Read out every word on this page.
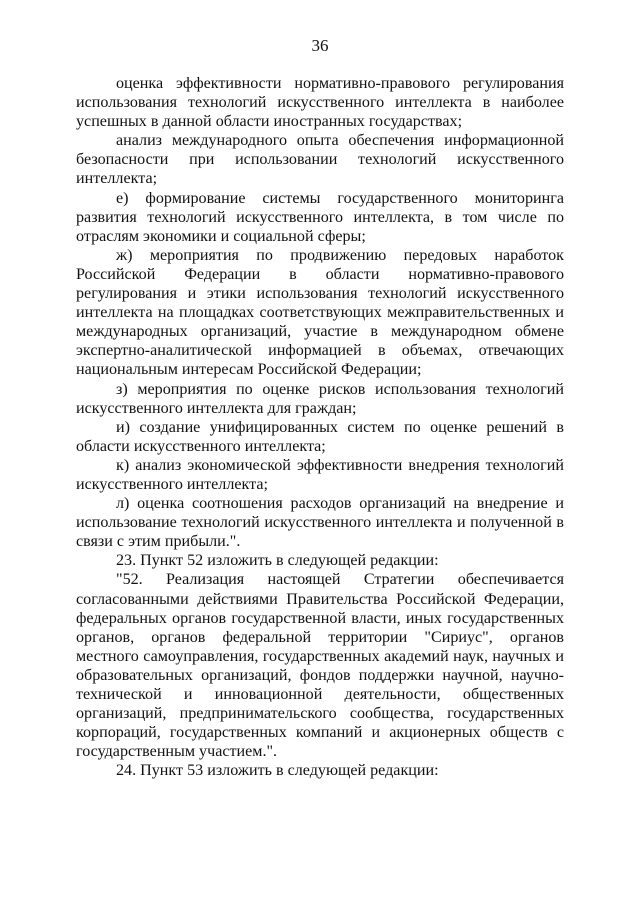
36

оценка эффективности нормативно-правового регулирования использования технологий искусственного интеллекта в наиболее успешных в данной области иностранных государствах;

анализ международного опыта обеспечения информационной безопасности при использовании технологий искусственного интеллекта;

е) формирование системы государственного мониторинга развития технологий искусственного интеллекта, в том числе по отраслям экономики и социальной сферы;

ж) мероприятия по продвижению передовых наработок Российской Федерации в области нормативно-правового регулирования и этики использования технологий искусственного интеллекта на площадках соответствующих межправительственных и международных организаций, участие в международном обмене экспертно-аналитической информацией в объемах, отвечающих национальным интересам Российской Федерации;

з) мероприятия по оценке рисков использования технологий искусственного интеллекта для граждан;

и) создание унифицированных систем по оценке решений в области искусственного интеллекта;

к) анализ экономической эффективности внедрения технологий искусственного интеллекта;

л) оценка соотношения расходов организаций на внедрение и использование технологий искусственного интеллекта и полученной в связи с этим прибыли.".

23. Пункт 52 изложить в следующей редакции:

"52. Реализация настоящей Стратегии обеспечивается согласованными действиями Правительства Российской Федерации, федеральных органов государственной власти, иных государственных органов, органов федеральной территории "Сириус", органов местного самоуправления, государственных академий наук, научных и образовательных организаций, фондов поддержки научной, научно-технической и инновационной деятельности, общественных организаций, предпринимательского сообщества, государственных корпораций, государственных компаний и акционерных обществ с государственным участием.".

24. Пункт 53 изложить в следующей редакции:
